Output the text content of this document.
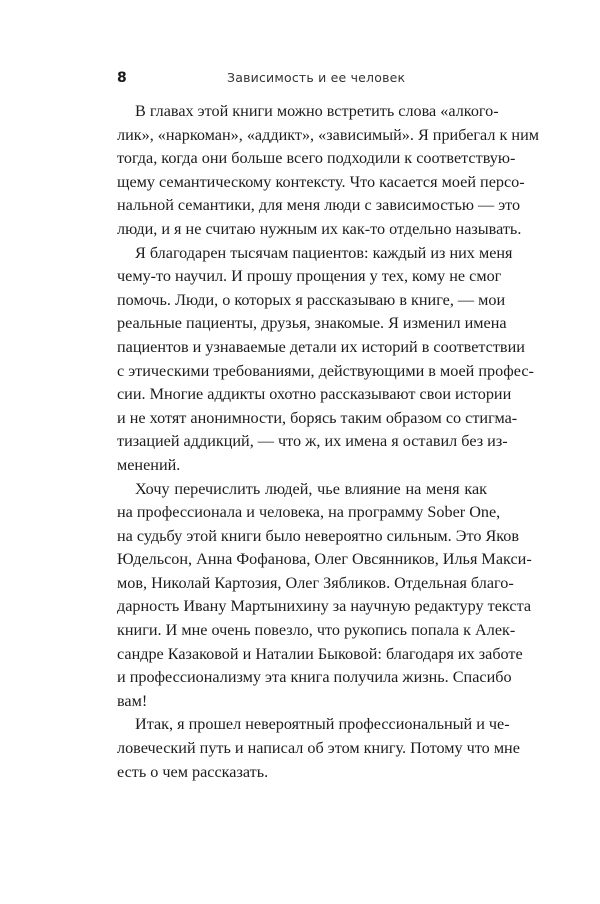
8	Зависимость и ее человек
В главах этой книги можно встретить слова «алкого-
лик», «наркоман», «аддикт», «зависимый». Я прибегал к ним
тогда, когда они больше всего подходили к соответствую-
щему семантическому контексту. Что касается моей персо-
нальной семантики, для меня люди с зависимостью — это
люди, и я не считаю нужным их как-то отдельно называть.
Я благодарен тысячам пациентов: каждый из них меня
чему-то научил. И прошу прощения у тех, кому не смог
помочь. Люди, о которых я рассказываю в книге, — мои
реальные пациенты, друзья, знакомые. Я изменил имена
пациентов и узнаваемые детали их историй в соответствии
с этическими требованиями, действующими в моей профес-
сии. Многие аддикты охотно рассказывают свои истории
и не хотят анонимности, борясь таким образом со стигма-
тизацией аддикций, — что ж, их имена я оставил без из-
менений.
Хочу перечислить людей, чье влияние на меня как
на профессионала и человека, на программу Sober One,
на судьбу этой книги было невероятно сильным. Это Яков
Юдельсон, Анна Фофанова, Олег Овсянников, Илья Макси-
мов, Николай Картозия, Олег Зябликов. Отдельная благо-
дарность Ивану Мартынихину за научную редактуру текста
книги. И мне очень повезло, что рукопись попала к Алек-
сандре Казаковой и Наталии Быковой: благодаря их заботе
и профессионализму эта книга получила жизнь. Спасибо
вам!
Итак, я прошел невероятный профессиональный и че-
ловеческий путь и написал об этом книгу. Потому что мне
есть о чем рассказать.
